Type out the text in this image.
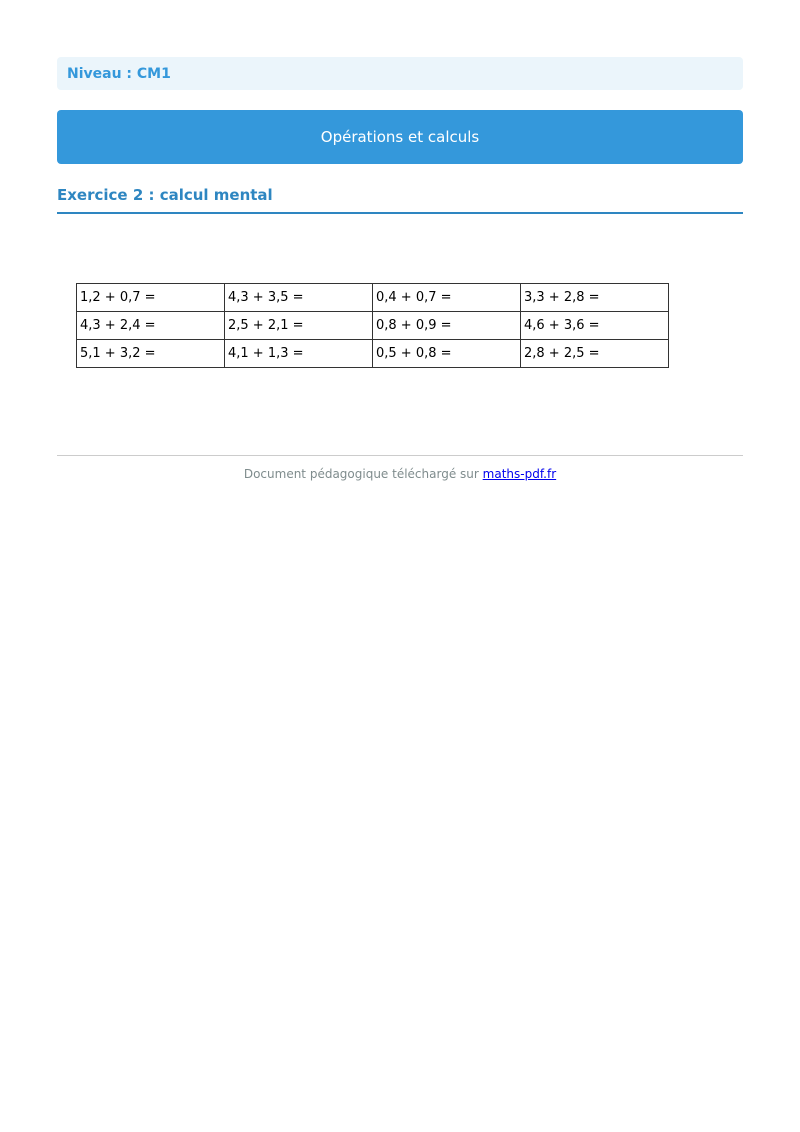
Niveau : CM1
Opérations et calculs
Exercice 2 : calcul mental
1,2 + 0,7 =	4,3 + 3,5 =	0,4 + 0,7 =	3,3 + 2,8 =
4,3 + 2,4 =	2,5 + 2,1 =	0,8 + 0,9 =	4,6 + 3,6 =
5,1 + 3,2 =	4,1 + 1,3 =	0,5 + 0,8 =	2,8 + 2,5 =
Document pédagogique téléchargé sur maths-pdf.fr
